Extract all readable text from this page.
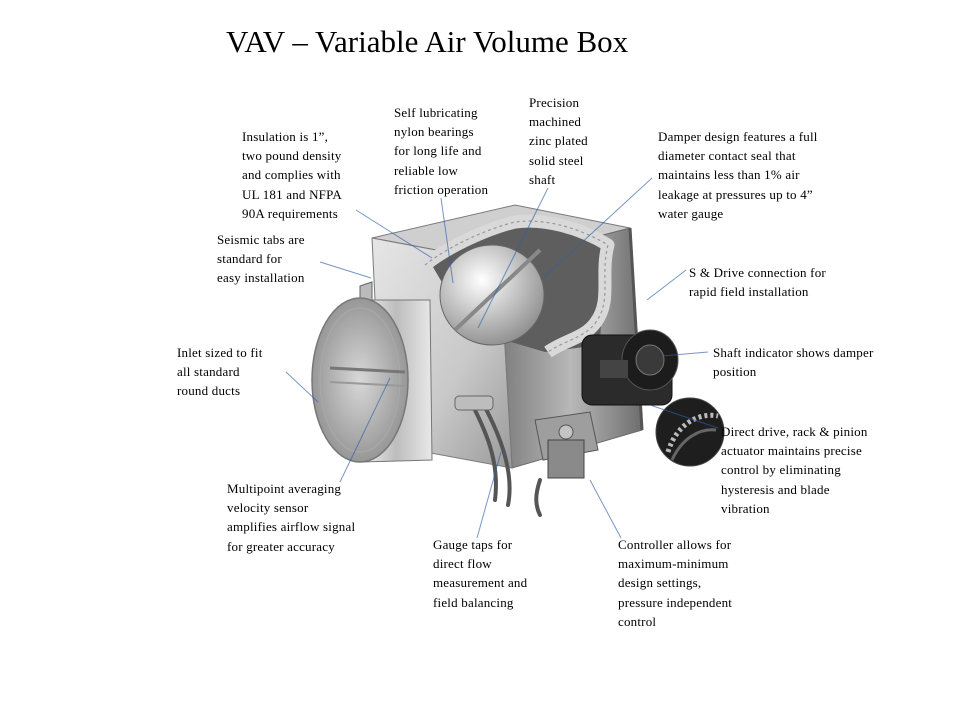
VAV – Variable Air Volume Box
Insulation is 1”,
two pound density
and complies with
UL 181 and NFPA
90A requirements
Self lubricating
nylon bearings
for long life and
reliable low
friction operation
Precision
machined
zinc plated
solid steel
shaft
Damper design features a full
diameter contact seal that
maintains less than 1% air
leakage at pressures up to 4”
water gauge
Seismic tabs are
standard for
easy installation	S & Drive connection for
rapid field installation
Inlet sized to fit
all standard
round ducts
Shaft indicator shows damper
position
Direct drive, rack & pinion
actuator maintains precise
control by eliminating
hysteresis and blade
vibration
Multipoint averaging
velocity sensor
amplifies airflow signal
for greater accuracy	Gauge taps for
direct flow
measurement and
field balancing
Controller allows for
maximum-minimum
design settings,
pressure independent
control
